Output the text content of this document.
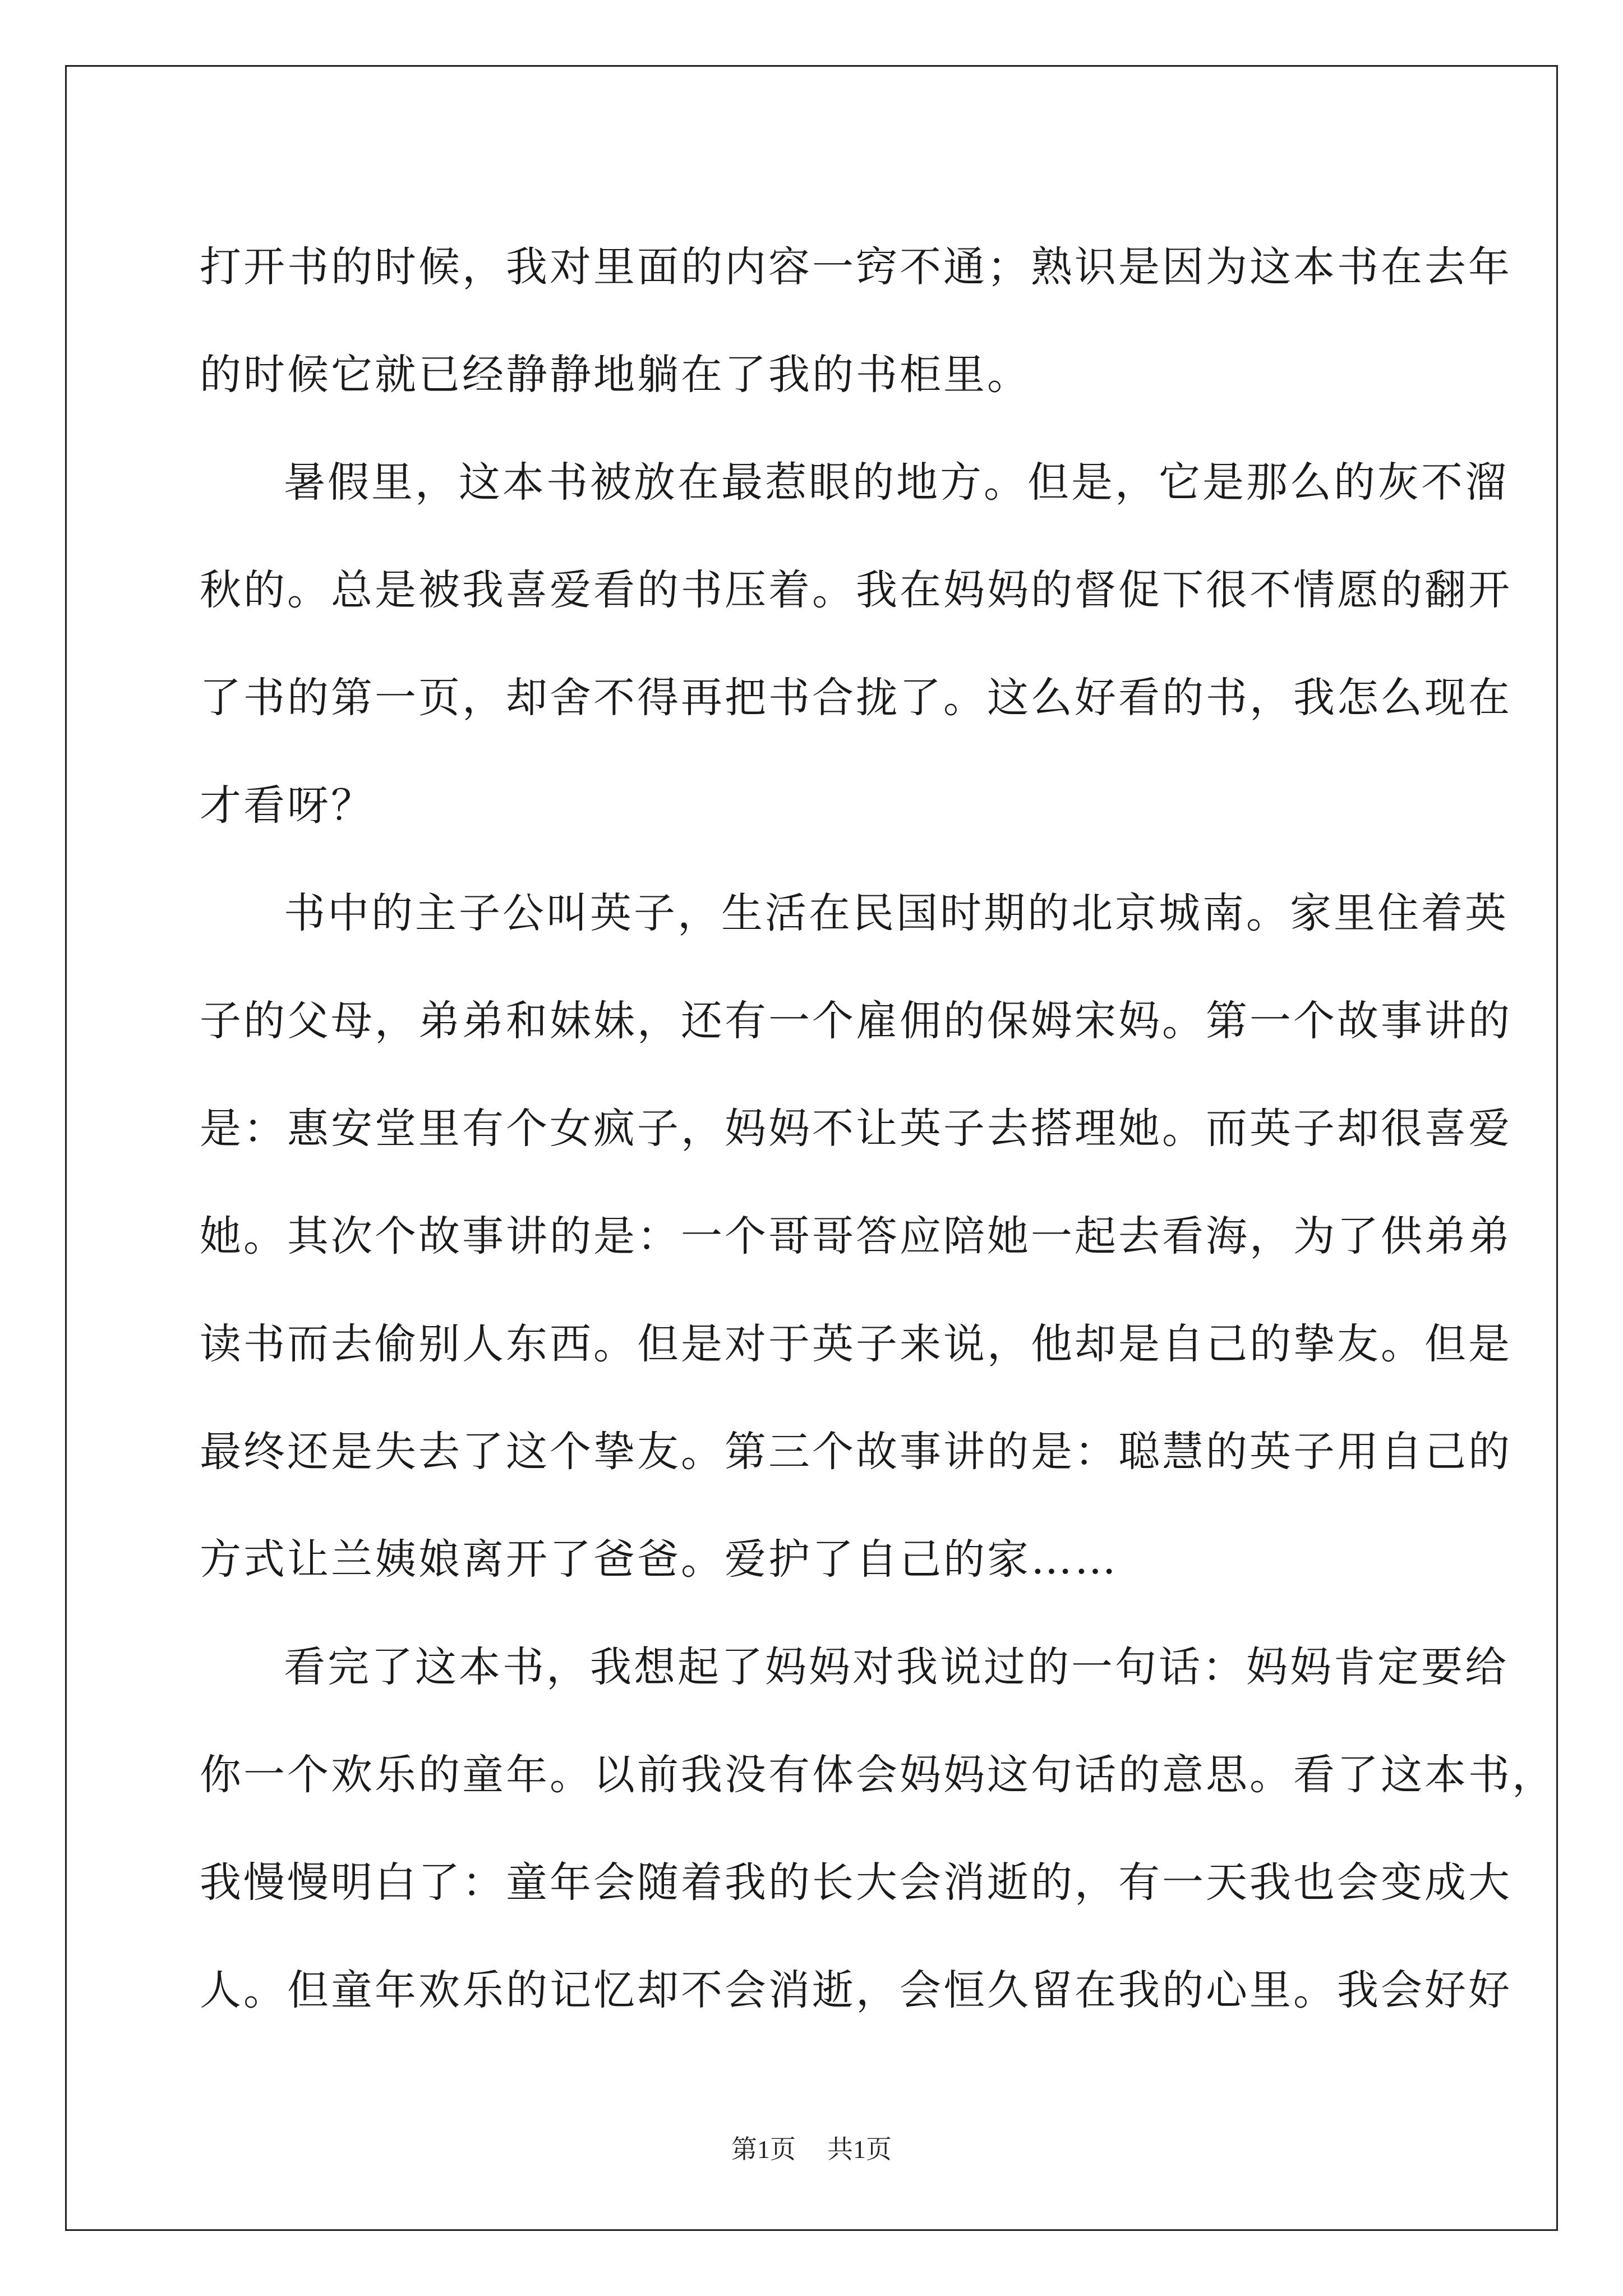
打开书的时候，我对里面的内容一窍不通；熟识是因为这本书在去年
的时候它就已经静静地躺在了我的书柜里。
暑假里，这本书被放在最惹眼的地方。但是，它是那么的灰不溜
秋的。总是被我喜爱看的书压着。我在妈妈的督促下很不情愿的翻开
了书的第一页，却舍不得再把书合拢了。这么好看的书，我怎么现在
才看呀？
书中的主子公叫英子，生活在民国时期的北京城南。家里住着英
子的父母，弟弟和妹妹，还有一个雇佣的保姆宋妈。第一个故事讲的
是：惠安堂里有个女疯子，妈妈不让英子去搭理她。而英子却很喜爱
她。其次个故事讲的是：一个哥哥答应陪她一起去看海，为了供弟弟
读书而去偷别人东西。但是对于英子来说，他却是自己的挚友。但是
最终还是失去了这个挚友。第三个故事讲的是：聪慧的英子用自己的
方式让兰姨娘离开了爸爸。爱护了自己的家……
看完了这本书，我想起了妈妈对我说过的一句话：妈妈肯定要给
你一个欢乐的童年。以前我没有体会妈妈这句话的意思。看了这本书，
我慢慢明白了：童年会随着我的长大会消逝的，有一天我也会变成大
人。但童年欢乐的记忆却不会消逝，会恒久留在我的心里。我会好好
第1页 共1页
